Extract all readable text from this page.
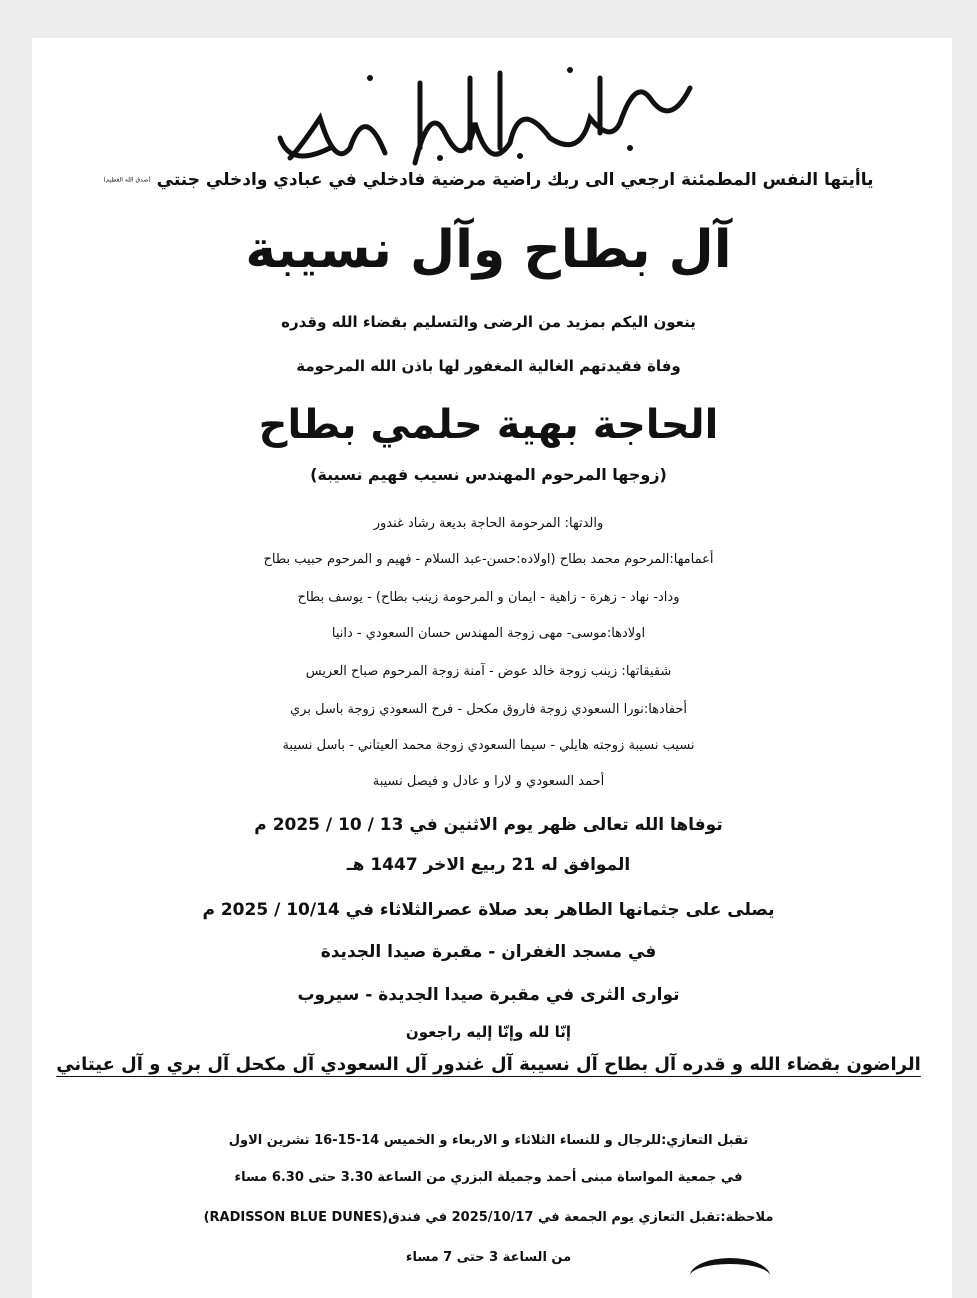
ياأيتها النفس المطمئنة ارجعي الى ربك راضية مرضية فادخلي في عبادي وادخلي جنتي (صدق الله العظيم)
آل بطاح وآل نسيبة
ينعون اليكم بمزيد من الرضى والتسليم بقضاء الله وقدره
وفاة فقيدتهم الغالية المغفور لها باذن الله المرحومة
الحاجة بهية حلمي بطاح
(زوجها المرحوم المهندس نسيب فهيم نسيبة)
والدتها: المرحومة الحاجة بديعة رشاد غندور
أعمامها:المرحوم محمد بطاح (اولاده:حسن-عبد السلام - فهيم و المرحوم حبيب بطاح
وداد- نهاد - زهرة - زاهية - ايمان و المرحومة زينب بطاح) - يوسف بطاح
اولادها:موسى- مهى زوجة المهندس حسان السعودي - دانيا
شقيقاتها: زينب زوجة خالد عوض - آمنة زوجة المرحوم صباح العريس
أحفادها:نورا السعودي زوجة فاروق مكحل - فرح السعودي زوجة باسل بري
نسيب نسيبة زوجته هايلي - سيما السعودي زوجة محمد العيتاني - باسل نسيبة
أحمد السعودي و لارا و عادل و فيصل نسيبة
توفاها الله تعالى ظهر يوم الاثنين في 13 / 10 / 2025 م
الموافق له 21 ربيع الاخر 1447 هـ
يصلى على جثمانها الطاهر بعد صلاة عصرالثلاثاء في 10/14 / 2025 م
في مسجد الغفران - مقبرة صيدا الجديدة
توارى الثرى في مقبرة صيدا الجديدة - سيروب
إنّا لله وإنّا إليه راجعون
الراضون بقضاء الله و قدره آل بطاح آل نسيبة آل غندور آل السعودي آل مكحل آل بري و آل عيتاني
تقبل التعازي:للرجال و للنساء الثلاثاء و الاربعاء و الخميس 14-15-16 تشرين الاول
في جمعية المواساة مبنى أحمد وجميلة البزري من الساعة 3.30 حتى 6.30 مساء
ملاحظة:تقبل التعازي يوم الجمعة في 2025/10/17 في فندق(RADISSON BLUE DUNES)
من الساعة 3 حتى 7 مساء
